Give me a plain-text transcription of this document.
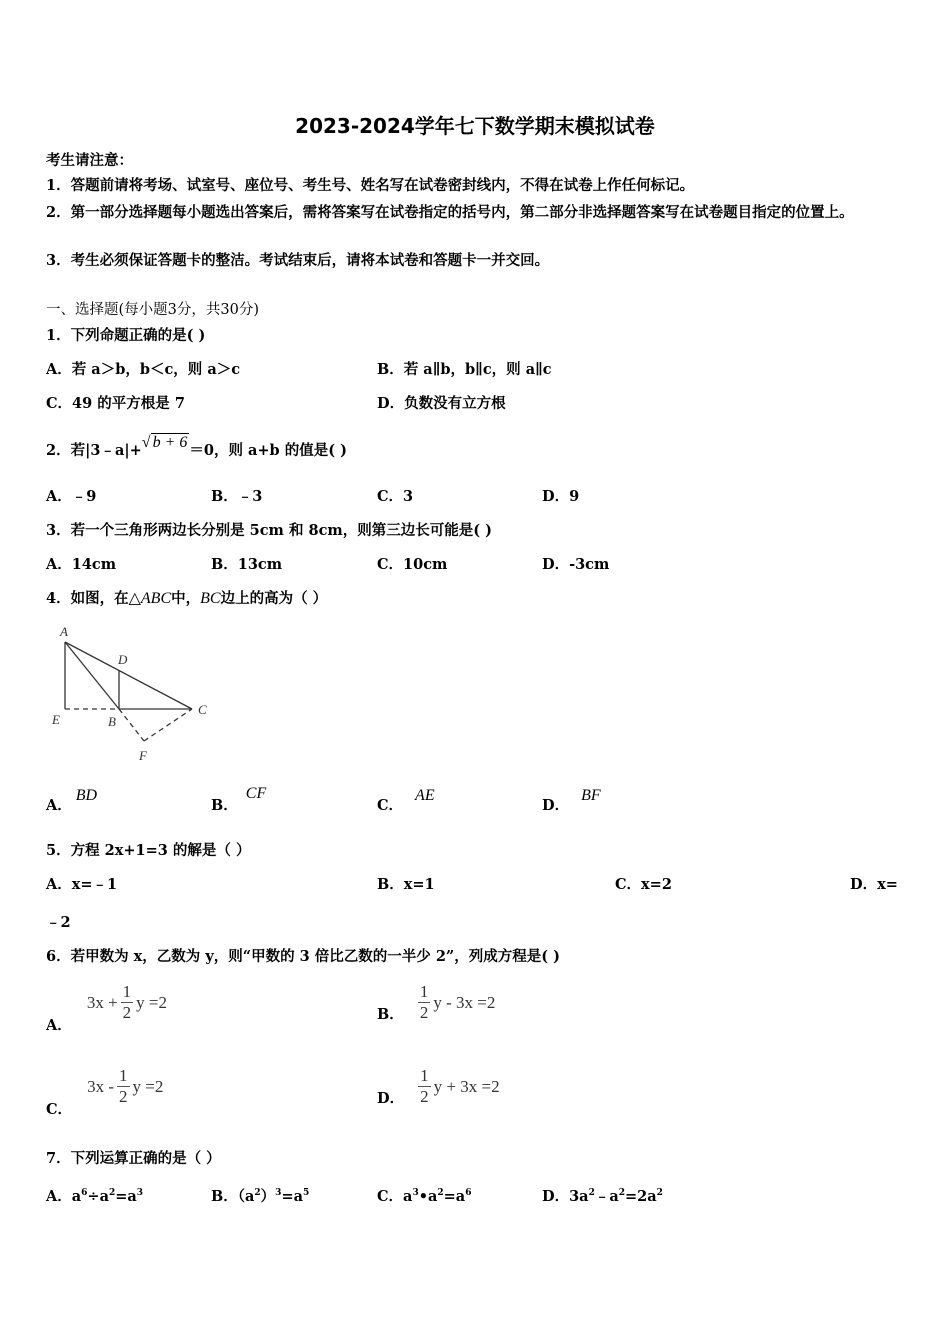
2023-2024学年七下数学期末模拟试卷
考生请注意：
1．答题前请将考场、试室号、座位号、考生号、姓名写在试卷密封线内，不得在试卷上作任何标记。
2．第一部分选择题每小题选出答案后，需将答案写在试卷指定的括号内，第二部分非选择题答案写在试卷题目指定的位置上。
3．考生必须保证答题卡的整洁。考试结束后，请将本试卷和答题卡一并交回。
一、选择题(每小题3分，共30分)
1．下列命题正确的是( )
A．若 a＞b，b＜c，则 a＞c	B．若 a∥b，b∥c，则 a∥c
C．49 的平方根是 7	D．负数没有立方根
2．若|3﹣a|+√ b + 6 ＝0，则 a+b 的值是( )
A．﹣9	B．﹣3	C．3	D．9
3．若一个三角形两边长分别是 5cm 和 8cm，则第三边长可能是( )
A．14cm	B．13cm	C．10cm	D．-3cm
4．如图，在△ABC中，BC边上的高为（ ）
A
D
E	B
C
F
A．BD
B．CF
C．AE
D．BF
5．方程 2x+1=3 的解是（ ）
A．x=﹣1	B．x=1	C．x=2	D．x=
﹣2
6．若甲数为 x，乙数为 y，则“甲数的 3 倍比乙数的一半少 2”，列成方程是( )
A．
$3x + \frac{1}{2}$ y =2
B． $\frac{1}{2}$ y - 3x =2
C．
$3x - \frac{1}{2}$ y =2
D． $\frac{1}{2}$ y + 3x =2
7．下列运算正确的是（ ）
A．$a^6\div a^2=a^3$	B．$(a^2)^3=a^5$	C．$a^3•a^2=a^6$	D．$3a^2﹣a^2=2a^2$
